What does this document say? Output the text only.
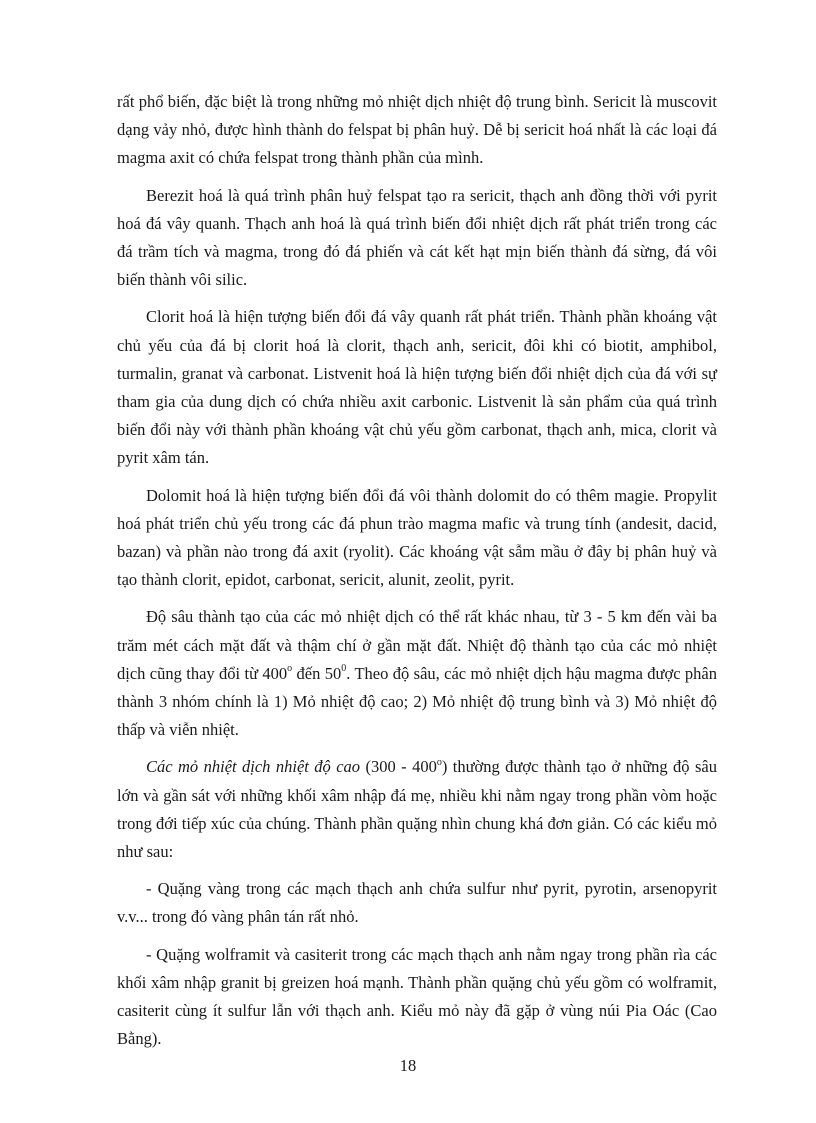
rất phổ biến, đặc biệt là trong những mỏ nhiệt dịch nhiệt độ trung bình. Sericit là muscovit dạng vảy nhỏ, được hình thành do felspat bị phân huỷ. Dễ bị sericit hoá nhất là các loại đá magma axit có chứa felspat trong thành phần của mình.

Berezit hoá là quá trình phân huỷ felspat tạo ra sericit, thạch anh đồng thời với pyrit hoá đá vây quanh. Thạch anh hoá là quá trình biến đổi nhiệt dịch rất phát triển trong các đá trầm tích và magma, trong đó đá phiến và cát kết hạt mịn biến thành đá sừng, đá vôi biến thành vôi silic.

Clorit hoá là hiện tượng biến đổi đá vây quanh rất phát triển. Thành phần khoáng vật chủ yếu của đá bị clorit hoá là clorit, thạch anh, sericit, đôi khi có biotit, amphibol, turmalin, granat và carbonat. Listvenit hoá là hiện tượng biến đổi nhiệt dịch của đá với sự tham gia của dung dịch có chứa nhiều axit carbonic. Listvenit là sản phẩm của quá trình biến đổi này với thành phần khoáng vật chủ yếu gồm carbonat, thạch anh, mica, clorit và pyrit xâm tán.

Dolomit hoá là hiện tượng biến đổi đá vôi thành dolomit do có thêm magie. Propylit hoá phát triển chủ yếu trong các đá phun trào magma mafic và trung tính (andesit, dacid, bazan) và phần nào trong đá axit (ryolit). Các khoáng vật sẫm mầu ở đây bị phân huỷ và tạo thành clorit, epidot, carbonat, sericit, alunit, zeolit, pyrit.

Độ sâu thành tạo của các mỏ nhiệt dịch có thể rất khác nhau, từ 3 - 5 km đến vài ba trăm mét cách mặt đất và thậm chí ở gần mặt đất. Nhiệt độ thành tạo của các mỏ nhiệt dịch cũng thay đổi từ 400$^o$ đến $50^0$. Theo độ sâu, các mỏ nhiệt dịch hậu magma được phân thành 3 nhóm chính là 1) Mỏ nhiệt độ cao; 2) Mỏ nhiệt độ trung bình và 3) Mỏ nhiệt độ thấp và viễn nhiệt.

Các mỏ nhiệt dịch nhiệt độ cao (300 - 400$^o$) thường được thành tạo ở những độ sâu lớn và gần sát với những khối xâm nhập đá mẹ, nhiều khi nằm ngay trong phần vòm hoặc trong đới tiếp xúc của chúng. Thành phần quặng nhìn chung khá đơn giản. Có các kiểu mỏ như sau:

- Quặng vàng trong các mạch thạch anh chứa sulfur như pyrit, pyrotin, arsenopyrit v.v... trong đó vàng phân tán rất nhỏ.

- Quặng wolframit và casiterit trong các mạch thạch anh nằm ngay trong phần rìa các khối xâm nhập granit bị greizen hoá mạnh. Thành phần quặng chủ yếu gồm có wolframit, casiterit cùng ít sulfur lẫn với thạch anh. Kiểu mỏ này đã gặp ở vùng núi Pia Oác (Cao Bằng).

18
